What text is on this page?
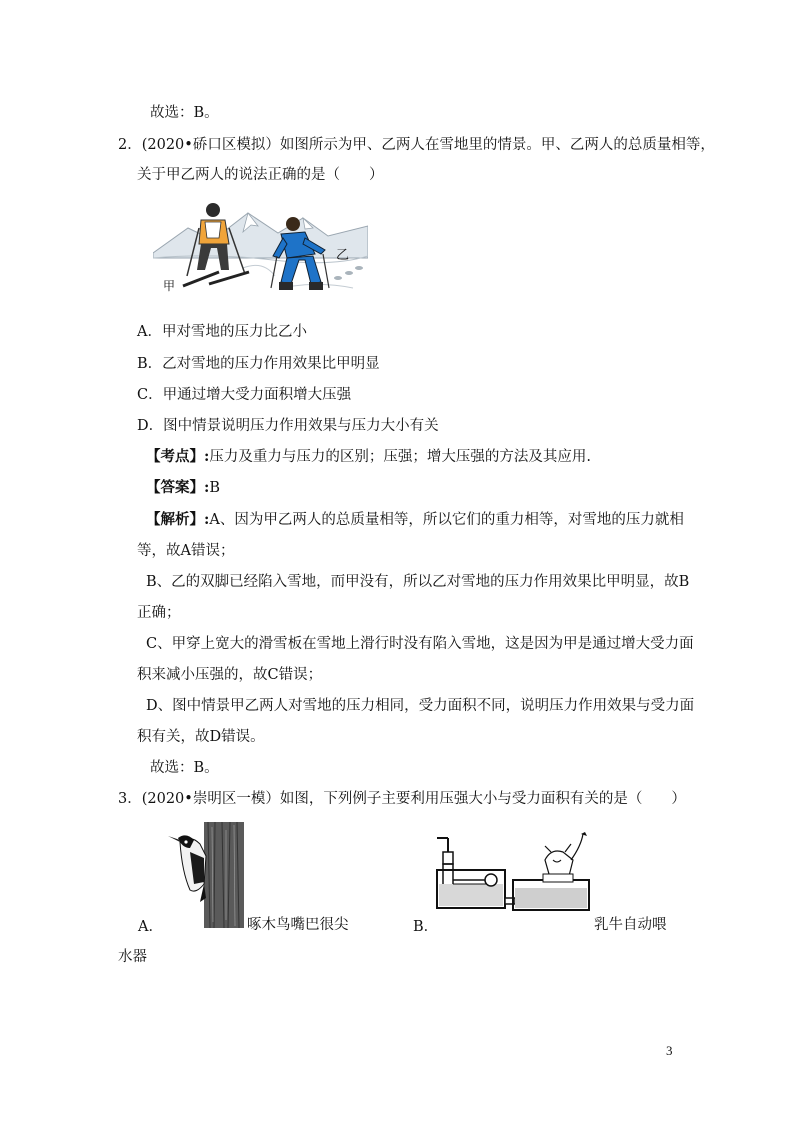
故选：B。
2．(2020•硚口区模拟）如图所示为甲、乙两人在雪地里的情景。甲、乙两人的总质量相等，
关于甲乙两人的说法正确的是（　　）
甲
乙
A．甲对雪地的压力比乙小
B．乙对雪地的压力作用效果比甲明显
C．甲通过增大受力面积增大压强
D．图中情景说明压力作用效果与压力大小有关
【考点】:压力及重力与压力的区别；压强；增大压强的方法及其应用.
【答案】:B
【解析】:A、因为甲乙两人的总质量相等，所以它们的重力相等，对雪地的压力就相
等，故A错误；
B、乙的双脚已经陷入雪地，而甲没有，所以乙对雪地的压力作用效果比甲明显，故B
正确；
C、甲穿上宽大的滑雪板在雪地上滑行时没有陷入雪地，这是因为甲是通过增大受力面
积来减小压强的，故C错误；
D、图中情景甲乙两人对雪地的压力相同，受力面积不同，说明压力作用效果与受力面
积有关，故D错误。
故选：B。
3．(2020•崇明区一模）如图，下列例子主要利用压强大小与受力面积有关的是（　　）
A．	啄木鸟嘴巴很尖	B．	乳牛自动喂
水器
3
